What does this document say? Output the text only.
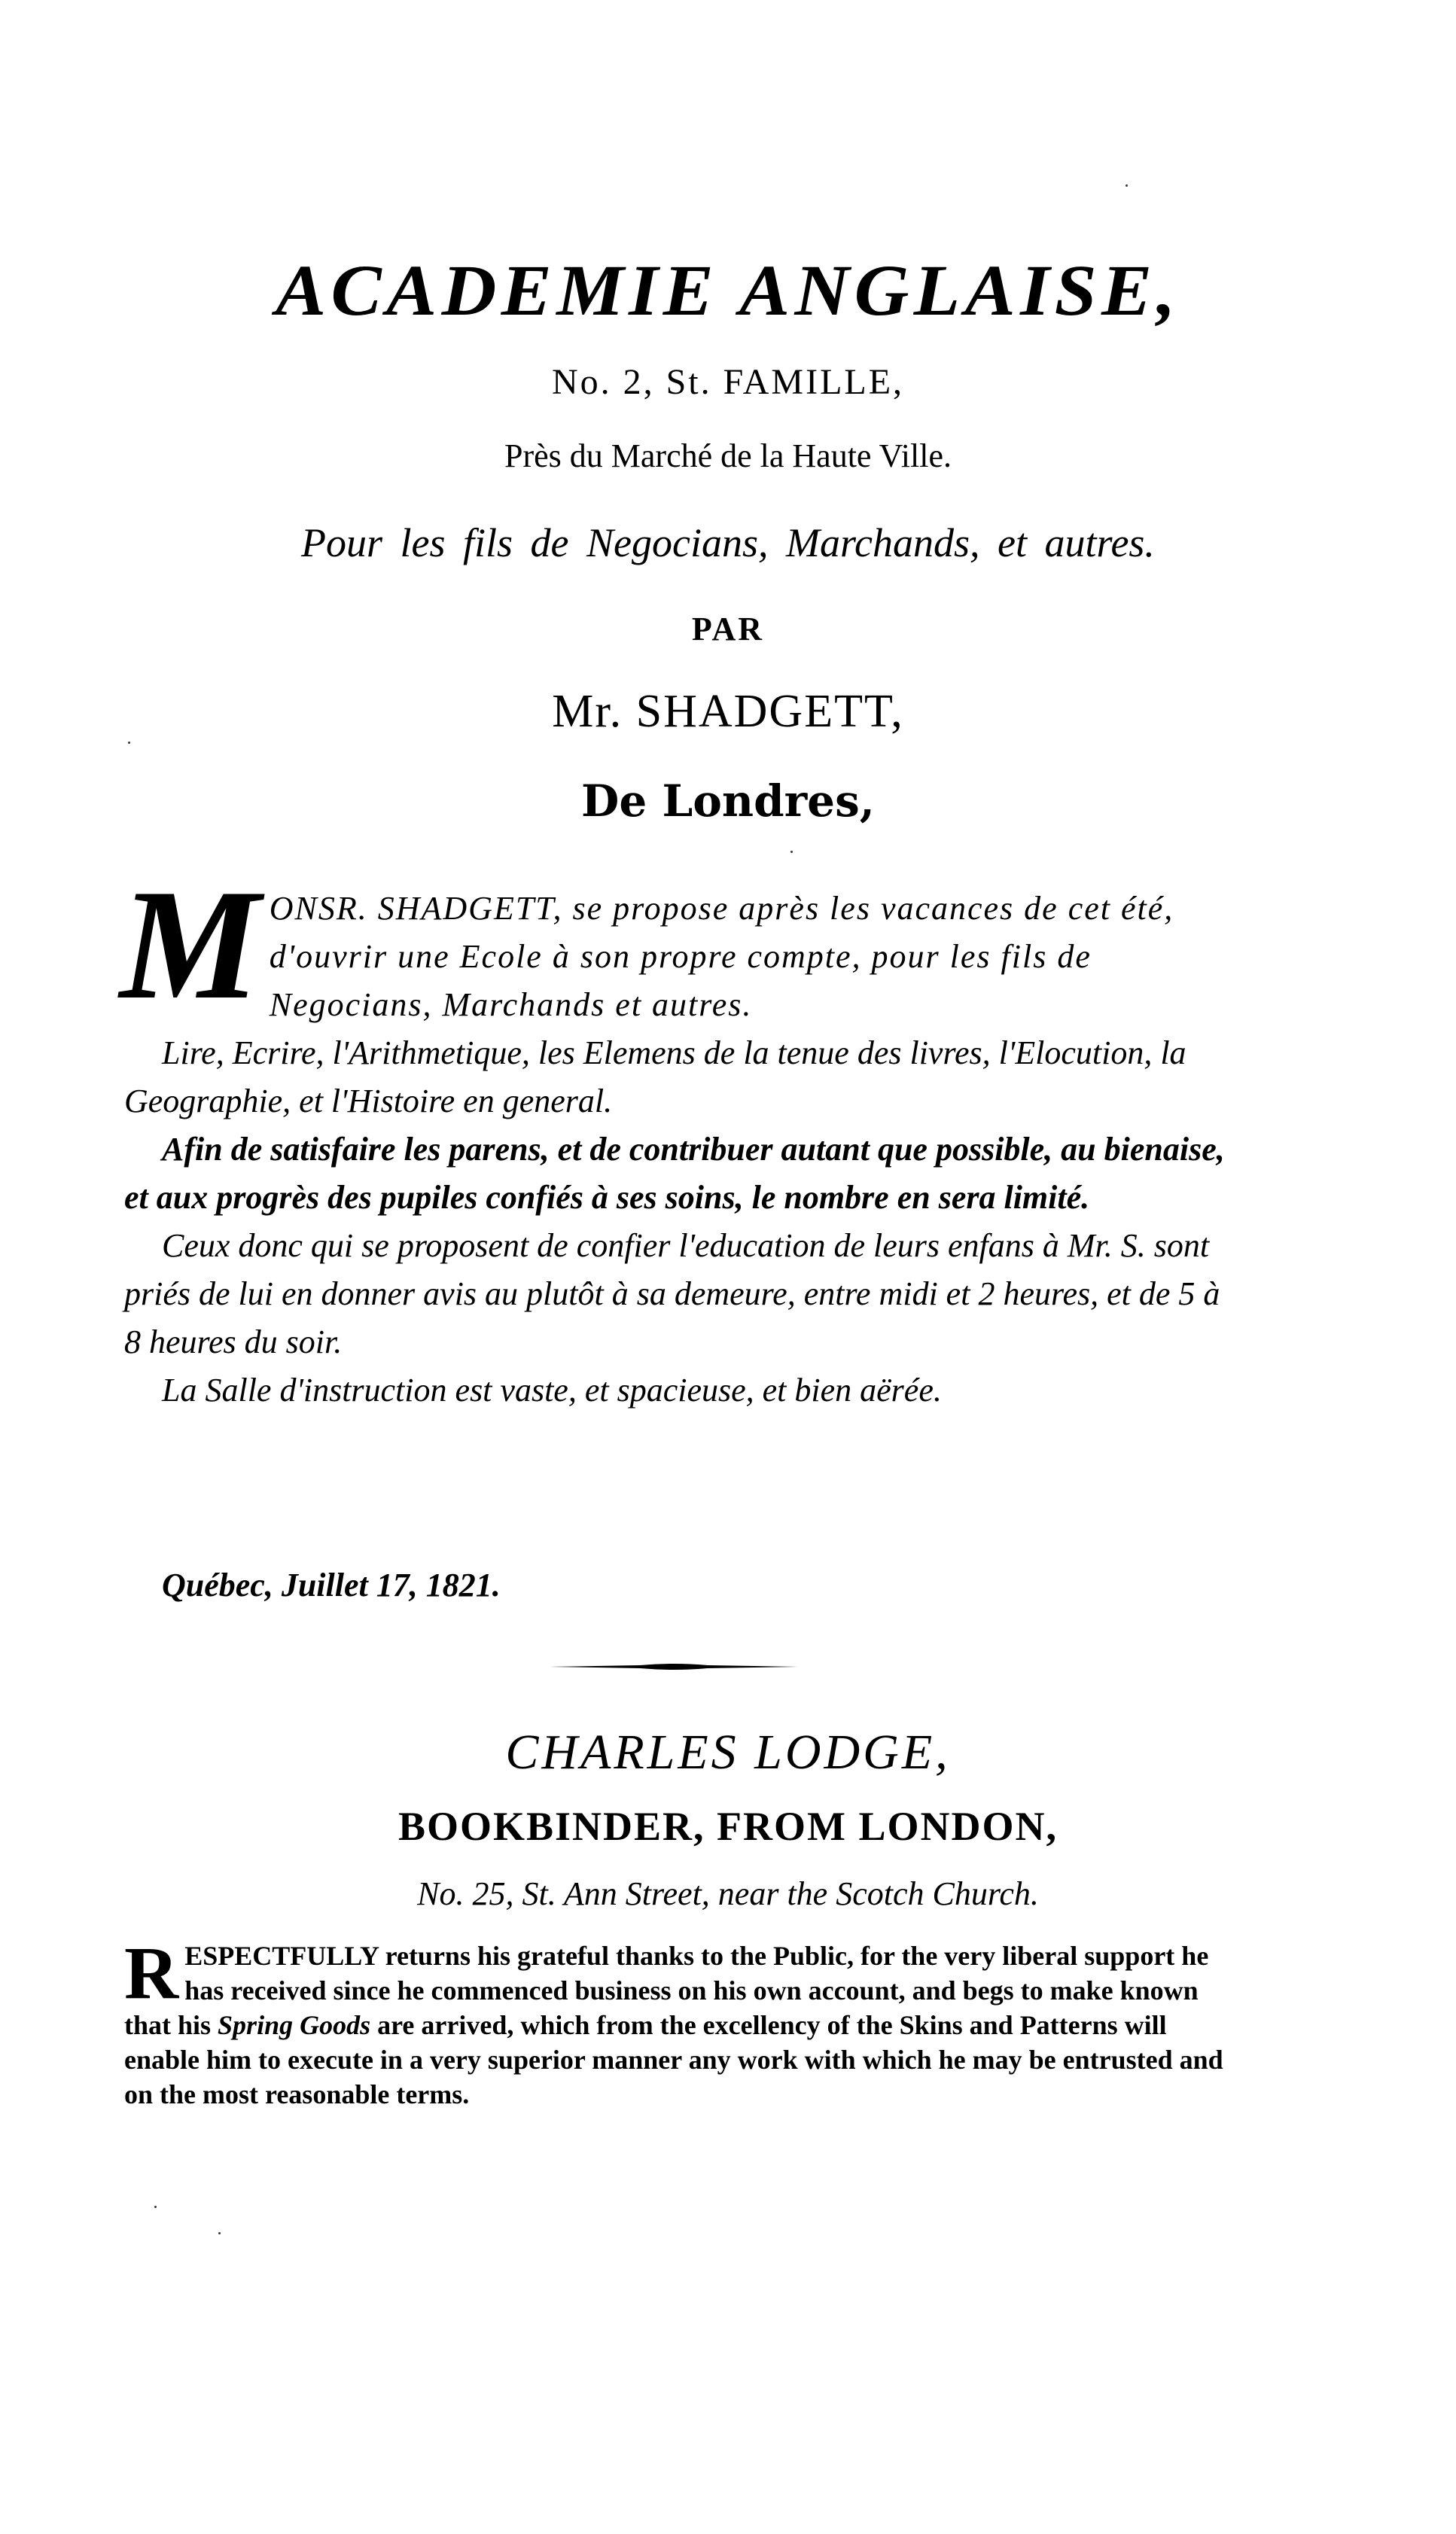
ACADEMIE ANGLAISE,
No. 2, St. FAMILLE,
Près du Marché de la Haute Ville.
Pour les fils de Negocians, Marchands, et autres.
PAR
Mr. SHADGETT,
De Londres,

MONSR. SHADGETT, se propose après les vacances de cet été, d'ouvrir une Ecole à son propre compte, pour les fils de Negocians, Marchands et autres.

Lire, Ecrire, l'Arithmetique, les Elemens de la tenue des livres, l'Elocution, la Geographie, et l'Histoire en general.

Afin de satisfaire les parens, et de contribuer autant que possible, au bienaise, et aux progrès des pupiles confiés à ses soins, le nombre en sera limité.

Ceux donc qui se proposent de confier l'education de leurs enfans à Mr. S. sont priés de lui en donner avis au plutôt à sa demeure, entre midi et 2 heures, et de 5 à 8 heures du soir.

La Salle d'instruction est vaste, et spacieuse, et bien aërée.

Québec, Juillet 17, 1821.
CHARLES LODGE,
BOOKBINDER, FROM LONDON,
No. 25, St. Ann Street, near the Scotch Church.
RESPECTFULLY returns his grateful thanks to the Public, for the very liberal support he has received since he commenced business on his own account, and begs to make known that his Spring Goods are arrived, which from the excellency of the Skins and Patterns will enable him to execute in a very superior manner any work with which he may be entrusted and on the most reasonable terms.
